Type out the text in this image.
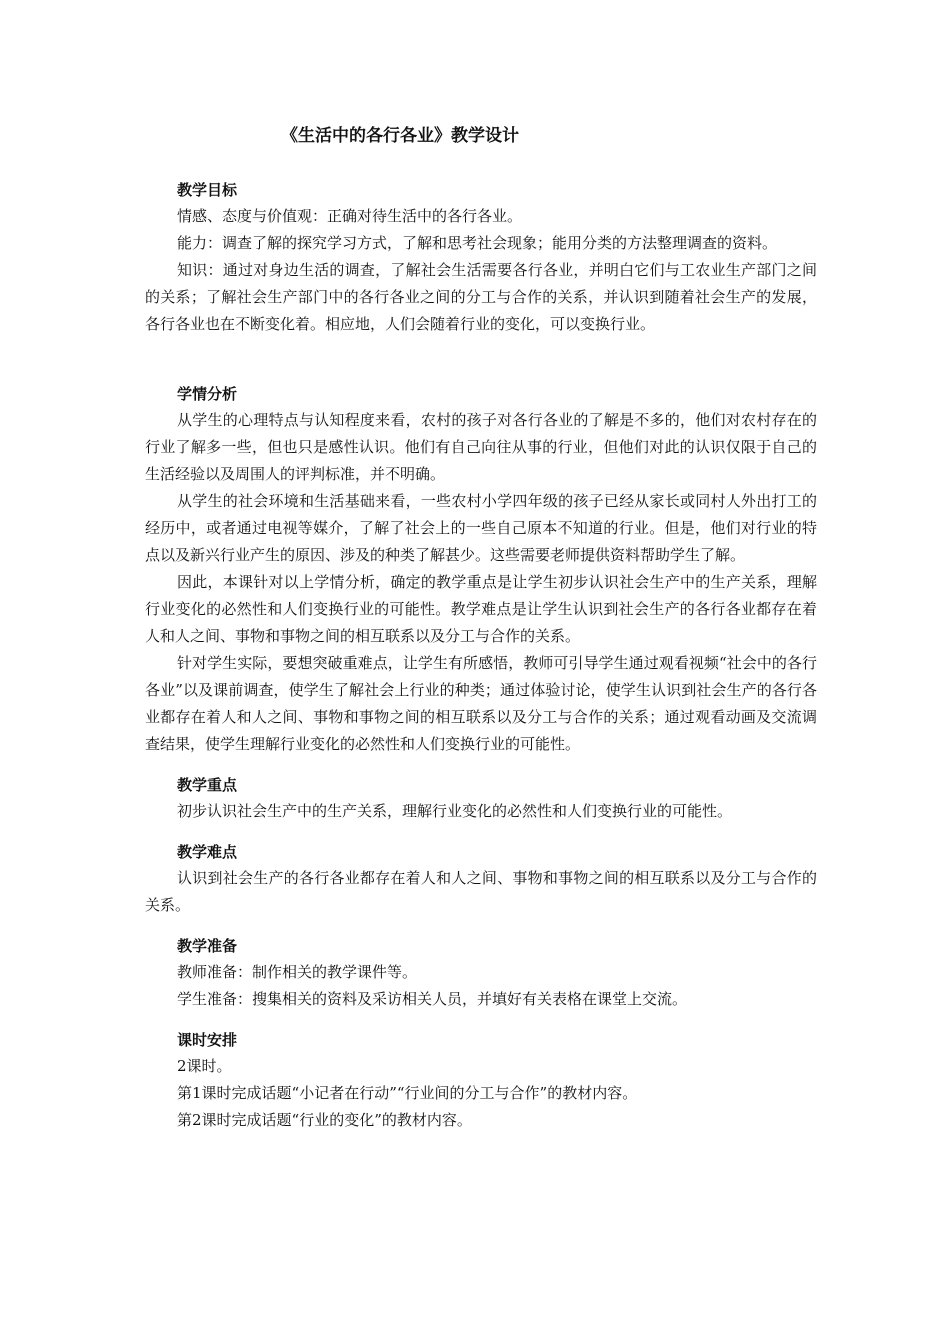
《生活中的各行各业》教学设计

教学目标

情感、态度与价值观：正确对待生活中的各行各业。

能力：调查了解的探究学习方式，了解和思考社会现象；能用分类的方法整理调查的资料。

知识：通过对身边生活的调查，了解社会生活需要各行各业，并明白它们与工农业生产部门之间的关系；了解社会生产部门中的各行各业之间的分工与合作的关系，并认识到随着社会生产的发展，各行各业也在不断变化着。相应地，人们会随着行业的变化，可以变换行业。

学情分析

从学生的心理特点与认知程度来看，农村的孩子对各行各业的了解是不多的，他们对农村存在的行业了解多一些，但也只是感性认识。他们有自己向往从事的行业，但他们对此的认识仅限于自己的生活经验以及周围人的评判标准，并不明确。

从学生的社会环境和生活基础来看，一些农村小学四年级的孩子已经从家长或同村人外出打工的经历中，或者通过电视等媒介，了解了社会上的一些自己原本不知道的行业。但是，他们对行业的特点以及新兴行业产生的原因、涉及的种类了解甚少。这些需要老师提供资料帮助学生了解。

因此，本课针对以上学情分析，确定的教学重点是让学生初步认识社会生产中的生产关系，理解行业变化的必然性和人们变换行业的可能性。教学难点是让学生认识到社会生产的各行各业都存在着人和人之间、事物和事物之间的相互联系以及分工与合作的关系。

针对学生实际，要想突破重难点，让学生有所感悟，教师可引导学生通过观看视频“社会中的各行各业”以及课前调查，使学生了解社会上行业的种类；通过体验讨论，使学生认识到社会生产的各行各业都存在着人和人之间、事物和事物之间的相互联系以及分工与合作的关系；通过观看动画及交流调查结果，使学生理解行业变化的必然性和人们变换行业的可能性。

教学重点

初步认识社会生产中的生产关系，理解行业变化的必然性和人们变换行业的可能性。

教学难点

认识到社会生产的各行各业都存在着人和人之间、事物和事物之间的相互联系以及分工与合作的关系。

教学准备

教师准备：制作相关的教学课件等。

学生准备：搜集相关的资料及采访相关人员，并填好有关表格在课堂上交流。

课时安排

2课时。

第1课时完成话题“小记者在行动”“行业间的分工与合作”的教材内容。

第2课时完成话题“行业的变化”的教材内容。
